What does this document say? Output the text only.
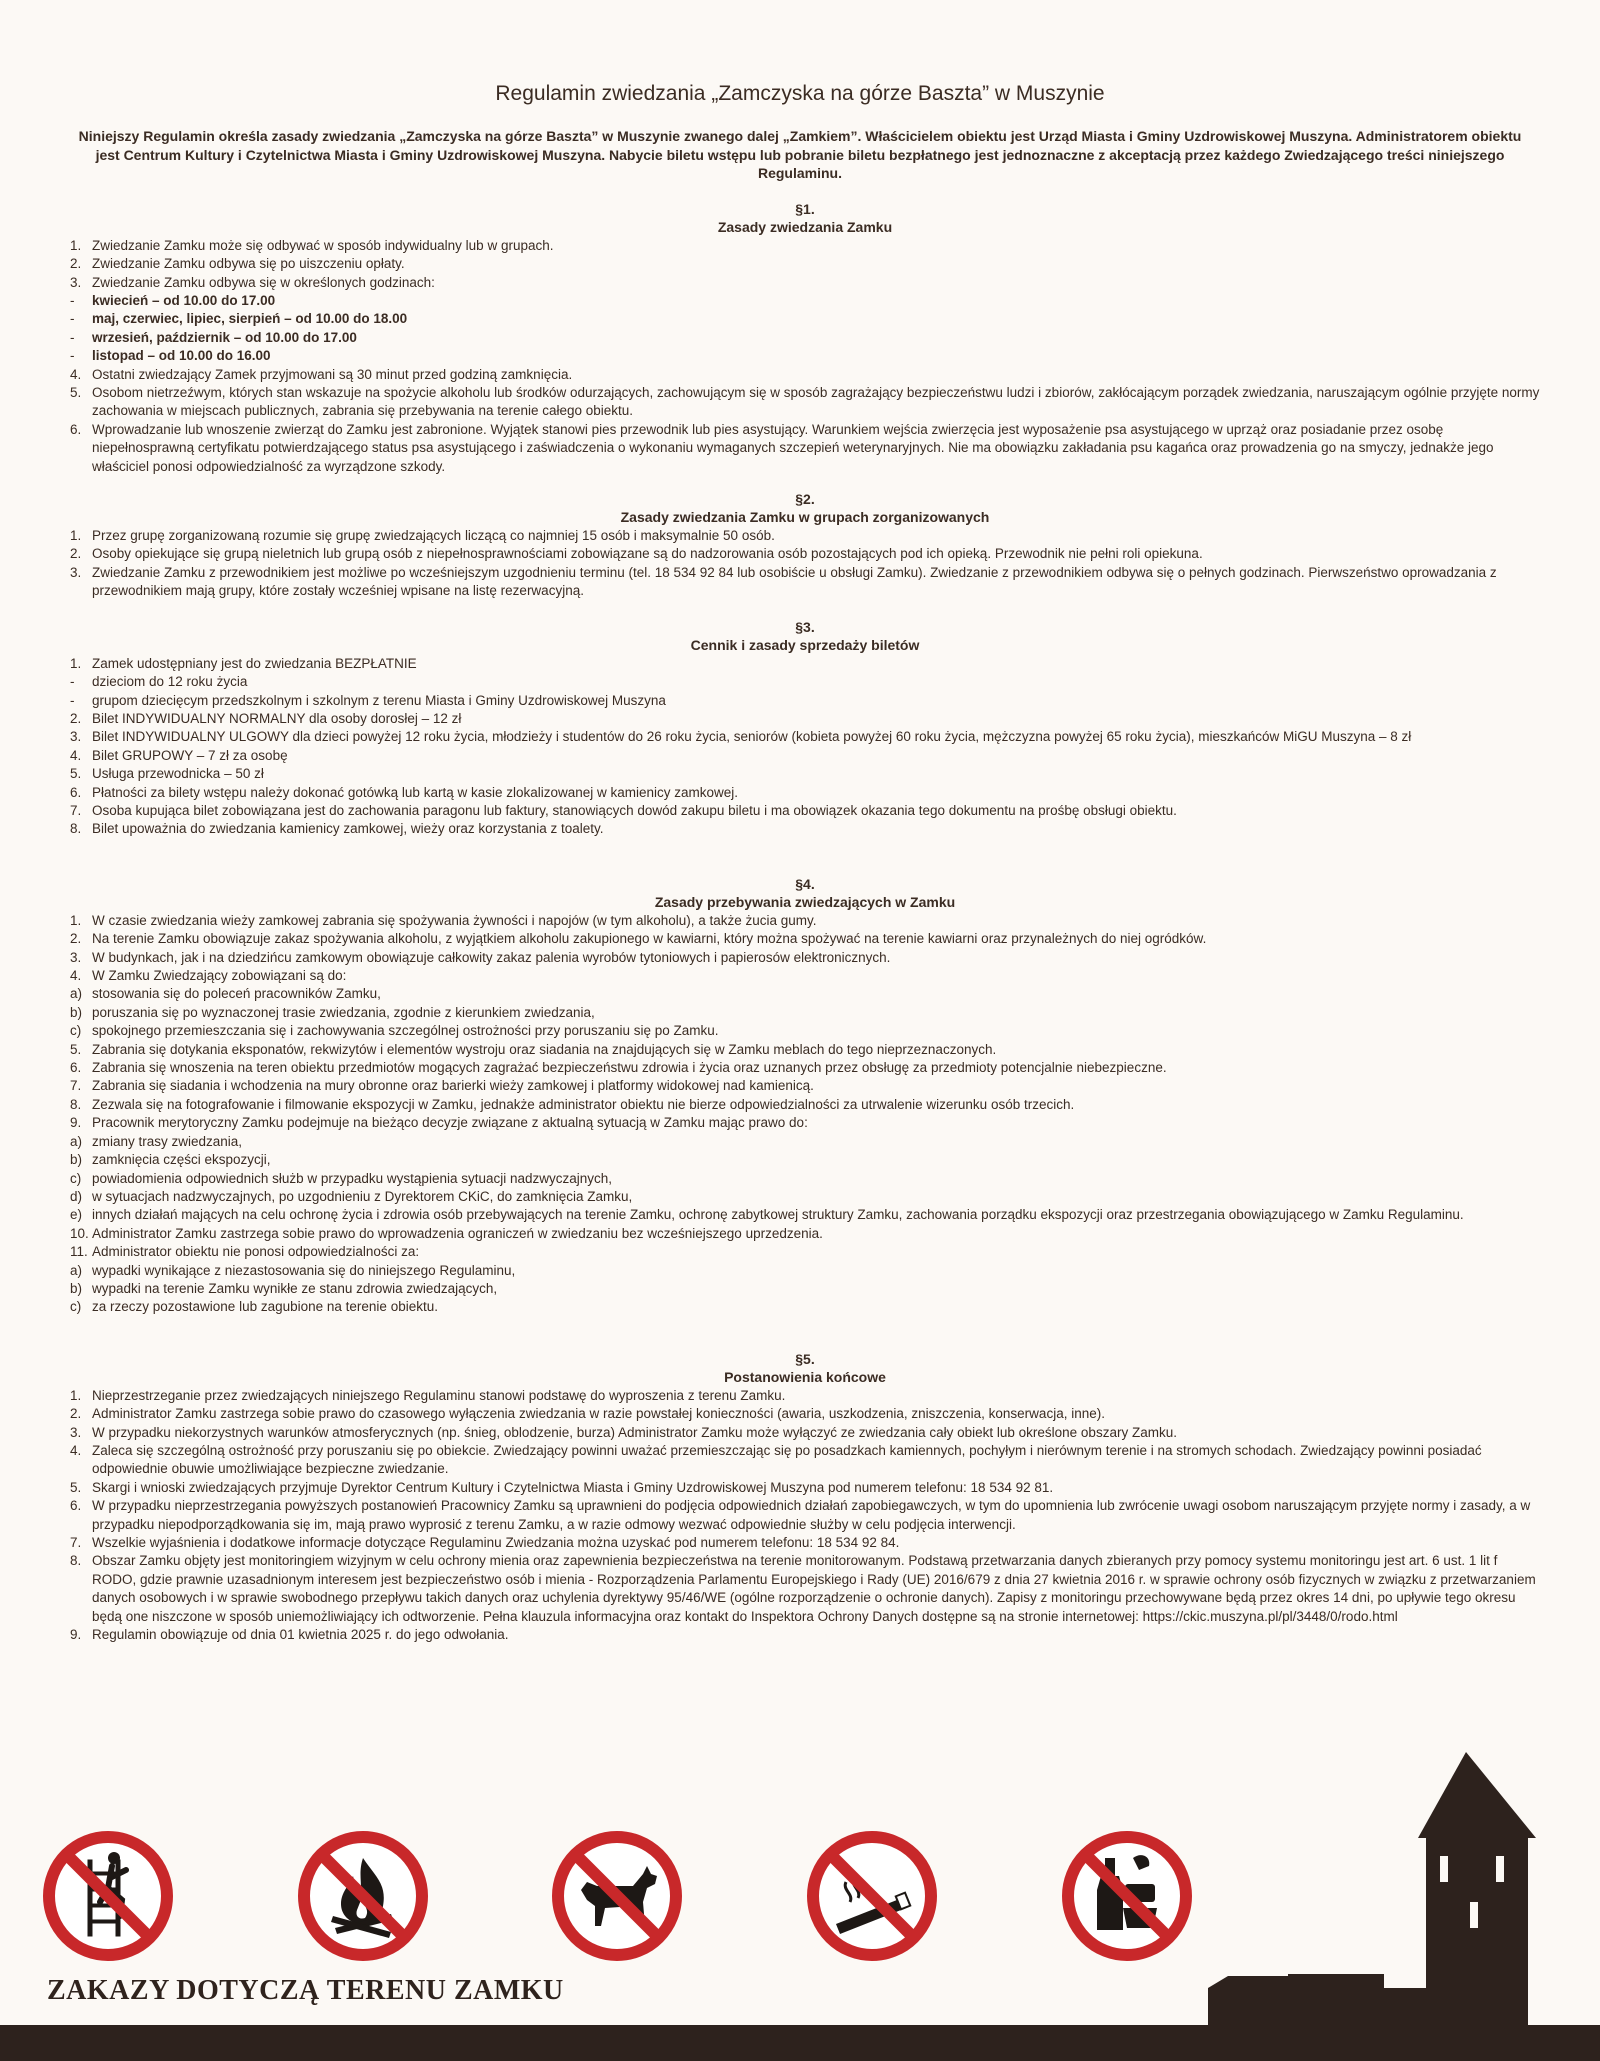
Regulamin zwiedzania „Zamczyska na górze Baszta” w Muszynie
Niniejszy Regulamin określa zasady zwiedzania „Zamczyska na górze Baszta” w Muszynie zwanego dalej „Zamkiem”. Właścicielem obiektu jest Urząd Miasta i Gminy Uzdrowiskowej Muszyna. Administratorem obiektu jest Centrum Kultury i Czytelnictwa Miasta i Gminy Uzdrowiskowej Muszyna. Nabycie biletu wstępu lub pobranie biletu bezpłatnego jest jednoznaczne z akceptacją przez każdego Zwiedzającego treści niniejszego Regulaminu.
§1.
Zasady zwiedzania Zamku
1. Zwiedzanie Zamku może się odbywać w sposób indywidualny lub w grupach.
2. Zwiedzanie Zamku odbywa się po uiszczeniu opłaty.
3. Zwiedzanie Zamku odbywa się w określonych godzinach:
-	kwiecień – od 10.00 do 17.00
-	maj, czerwiec, lipiec, sierpień – od 10.00 do 18.00
-	wrzesień, październik – od 10.00 do 17.00
-	listopad – od 10.00 do 16.00
4. Ostatni zwiedzający Zamek przyjmowani są 30 minut przed godziną zamknięcia.
5. Osobom nietrzeźwym, których stan wskazuje na spożycie alkoholu lub środków odurzających, zachowującym się w sposób zagrażający bezpieczeństwu ludzi i zbiorów, zakłócającym porządek zwiedzania, naruszającym ogólnie przyjęte normy zachowania w miejscach publicznych, zabrania się przebywania na terenie całego obiektu.
6. Wprowadzanie lub wnoszenie zwierząt do Zamku jest zabronione. Wyjątek stanowi pies przewodnik lub pies asystujący. Warunkiem wejścia zwierzęcia jest wyposażenie psa asystującego w uprząż oraz posiadanie przez osobę niepełnosprawną certyfikatu potwierdzającego status psa asystującego i zaświadczenia o wykonaniu wymaganych szczepień weterynaryjnych. Nie ma obowiązku zakładania psu kagańca oraz prowadzenia go na smyczy, jednakże jego właściciel ponosi odpowiedzialność za wyrządzone szkody.
§2.
Zasady zwiedzania Zamku w grupach zorganizowanych
1. Przez grupę zorganizowaną rozumie się grupę zwiedzających liczącą co najmniej 15 osób i maksymalnie 50 osób.
2. Osoby opiekujące się grupą nieletnich lub grupą osób z niepełnosprawnościami zobowiązane są do nadzorowania osób pozostających pod ich opieką. Przewodnik nie pełni roli opiekuna.
3. Zwiedzanie Zamku z przewodnikiem jest możliwe po wcześniejszym uzgodnieniu terminu (tel. 18 534 92 84 lub osobiście u obsługi Zamku). Zwiedzanie z przewodnikiem odbywa się o pełnych godzinach. Pierwszeństwo oprowadzania z przewodnikiem mają grupy, które zostały wcześniej wpisane na listę rezerwacyjną.
§3.
Cennik i zasady sprzedaży biletów
1. Zamek udostępniany jest do zwiedzania BEZPŁATNIE
-	dzieciom do 12 roku życia
-	grupom dziecięcym przedszkolnym i szkolnym z terenu Miasta i Gminy Uzdrowiskowej Muszyna
2. Bilet INDYWIDUALNY NORMALNY dla osoby dorosłej – 12 zł
3. Bilet INDYWIDUALNY ULGOWY dla dzieci powyżej 12 roku życia, młodzieży i studentów do 26 roku życia, seniorów (kobieta powyżej 60 roku życia, mężczyzna powyżej 65 roku życia), mieszkańców MiGU Muszyna – 8 zł
4. Bilet GRUPOWY – 7 zł za osobę
5. Usługa przewodnicka – 50 zł
6. Płatności za bilety wstępu należy dokonać gotówką lub kartą w kasie zlokalizowanej w kamienicy zamkowej.
7. Osoba kupująca bilet zobowiązana jest do zachowania paragonu lub faktury, stanowiących dowód zakupu biletu i ma obowiązek okazania tego dokumentu na prośbę obsługi obiektu.
8. Bilet upoważnia do zwiedzania kamienicy zamkowej, wieży oraz korzystania z toalety.
§4.
Zasady przebywania zwiedzających w Zamku
1. W czasie zwiedzania wieży zamkowej zabrania się spożywania żywności i napojów (w tym alkoholu), a także żucia gumy.
2. Na terenie Zamku obowiązuje zakaz spożywania alkoholu, z wyjątkiem alkoholu zakupionego w kawiarni, który można spożywać na terenie kawiarni oraz przynależnych do niej ogródków.
3. W budynkach, jak i na dziedzińcu zamkowym obowiązuje całkowity zakaz palenia wyrobów tytoniowych i papierosów elektronicznych.
4. W Zamku Zwiedzający zobowiązani są do:
a) stosowania się do poleceń pracowników Zamku,
b) poruszania się po wyznaczonej trasie zwiedzania, zgodnie z kierunkiem zwiedzania,
c) spokojnego przemieszczania się i zachowywania szczególnej ostrożności przy poruszaniu się po Zamku.
5. Zabrania się dotykania eksponatów, rekwizytów i elementów wystroju oraz siadania na znajdujących się w Zamku meblach do tego nieprzeznaczonych.
6. Zabrania się wnoszenia na teren obiektu przedmiotów mogących zagrażać bezpieczeństwu zdrowia i życia oraz uznanych przez obsługę za przedmioty potencjalnie niebezpieczne.
7. Zabrania się siadania i wchodzenia na mury obronne oraz barierki wieży zamkowej i platformy widokowej nad kamienicą.
8. Zezwala się na fotografowanie i filmowanie ekspozycji w Zamku, jednakże administrator obiektu nie bierze odpowiedzialności za utrwalenie wizerunku osób trzecich.
9. Pracownik merytoryczny Zamku podejmuje na bieżąco decyzje związane z aktualną sytuacją w Zamku mając prawo do:
a) zmiany trasy zwiedzania,
b) zamknięcia części ekspozycji,
c) powiadomienia odpowiednich służb w przypadku wystąpienia sytuacji nadzwyczajnych,
d) w sytuacjach nadzwyczajnych, po uzgodnieniu z Dyrektorem CKiC, do zamknięcia Zamku,
e) innych działań mających na celu ochronę życia i zdrowia osób przebywających na terenie Zamku, ochronę zabytkowej struktury Zamku, zachowania porządku ekspozycji oraz przestrzegania obowiązującego w Zamku Regulaminu.
10. Administrator Zamku zastrzega sobie prawo do wprowadzenia ograniczeń w zwiedzaniu bez wcześniejszego uprzedzenia.
11. Administrator obiektu nie ponosi odpowiedzialności za:
a) wypadki wynikające z niezastosowania się do niniejszego Regulaminu,
b) wypadki na terenie Zamku wynikłe ze stanu zdrowia zwiedzających,
c) za rzeczy pozostawione lub zagubione na terenie obiektu.
§5.
Postanowienia końcowe
1. Nieprzestrzeganie przez zwiedzających niniejszego Regulaminu stanowi podstawę do wyproszenia z terenu Zamku.
2. Administrator Zamku zastrzega sobie prawo do czasowego wyłączenia zwiedzania w razie powstałej konieczności (awaria, uszkodzenia, zniszczenia, konserwacja, inne).
3. W przypadku niekorzystnych warunków atmosferycznych (np. śnieg, oblodzenie, burza) Administrator Zamku może wyłączyć ze zwiedzania cały obiekt lub określone obszary Zamku.
4. Zaleca się szczególną ostrożność przy poruszaniu się po obiekcie. Zwiedzający powinni uważać przemieszczając się po posadzkach kamiennych, pochyłym i nierównym terenie i na stromych schodach. Zwiedzający powinni posiadać odpowiednie obuwie umożliwiające bezpieczne zwiedzanie.
5. Skargi i wnioski zwiedzających przyjmuje Dyrektor Centrum Kultury i Czytelnictwa Miasta i Gminy Uzdrowiskowej Muszyna pod numerem telefonu: 18 534 92 81.
6. W przypadku nieprzestrzegania powyższych postanowień Pracownicy Zamku są uprawnieni do podjęcia odpowiednich działań zapobiegawczych, w tym do upomnienia lub zwrócenie uwagi osobom naruszającym przyjęte normy i zasady, a w przypadku niepodporządkowania się im, mają prawo wyprosić z terenu Zamku, a w razie odmowy wezwać odpowiednie służby w celu podjęcia interwencji.
7. Wszelkie wyjaśnienia i dodatkowe informacje dotyczące Regulaminu Zwiedzania można uzyskać pod numerem telefonu: 18 534 92 84.
8. Obszar Zamku objęty jest monitoringiem wizyjnym w celu ochrony mienia oraz zapewnienia bezpieczeństwa na terenie monitorowanym. Podstawą przetwarzania danych zbieranych przy pomocy systemu monitoringu jest art. 6 ust. 1 lit f RODO, gdzie prawnie uzasadnionym interesem jest bezpieczeństwo osób i mienia - Rozporządzenia Parlamentu Europejskiego i Rady (UE) 2016/679 z dnia 27 kwietnia 2016 r. w sprawie ochrony osób fizycznych w związku z przetwarzaniem danych osobowych i w sprawie swobodnego przepływu takich danych oraz uchylenia dyrektywy 95/46/WE (ogólne rozporządzenie o ochronie danych). Zapisy z monitoringu przechowywane będą przez okres 14 dni, po upływie tego okresu będą one niszczone w sposób uniemożliwiający ich odtworzenie. Pełna klauzula informacyjna oraz kontakt do Inspektora Ochrony Danych dostępne są na stronie internetowej: https://ckic.muszyna.pl/pl/3448/0/rodo.html
9. Regulamin obowiązuje od dnia 01 kwietnia 2025 r. do jego odwołania.
ZAKAZY DOTYCZĄ TERENU ZAMKU
